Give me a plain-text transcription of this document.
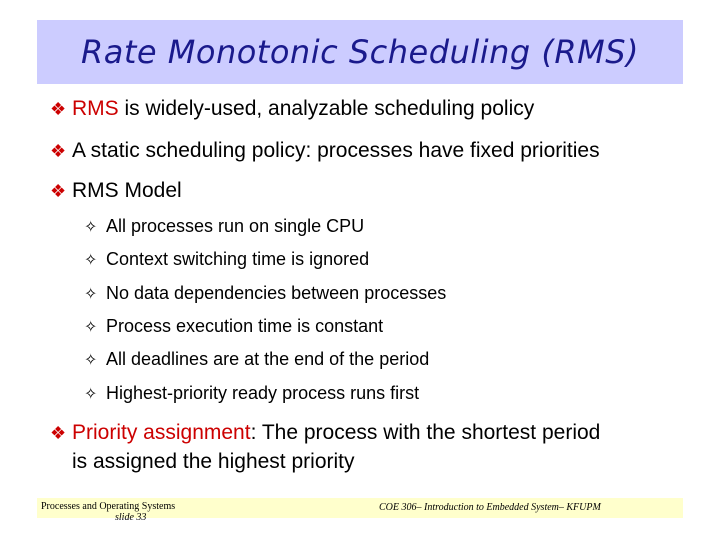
Rate Monotonic Scheduling (RMS)
❖ RMS is widely-used, analyzable scheduling policy
❖ A static scheduling policy: processes have fixed priorities
❖ RMS Model
✧ All processes run on single CPU
✧ Context switching time is ignored
✧ No data dependencies between processes
✧ Process execution time is constant
✧ All deadlines are at the end of the period
✧ Highest-priority ready process runs first
❖ Priority assignment: The process with the shortest period
is assigned the highest priority
Processes and Operating Systems
slide 33
COE 306– Introduction to Embedded System– KFUPM
